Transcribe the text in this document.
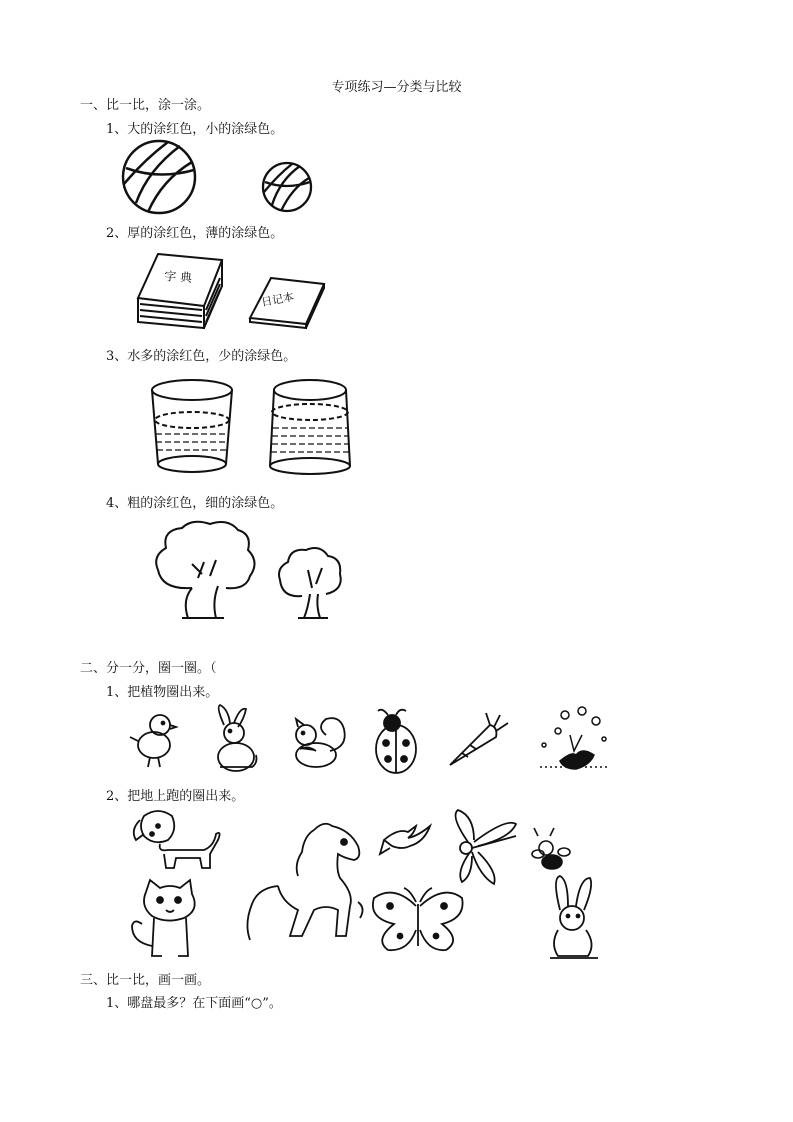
专项练习—分类与比较
一、比一比，涂一涂。
1、大的涂红色，小的涂绿色。
2、厚的涂红色，薄的涂绿色。
字 典
日记本
3、水多的涂红色，少的涂绿色。
4、粗的涂红色，细的涂绿色。
二、分一分，圈一圈。（
1、把植物圈出来。
2、把地上跑的圈出来。
三、比一比，画一画。
1、哪盘最多？在下面画“○”。
